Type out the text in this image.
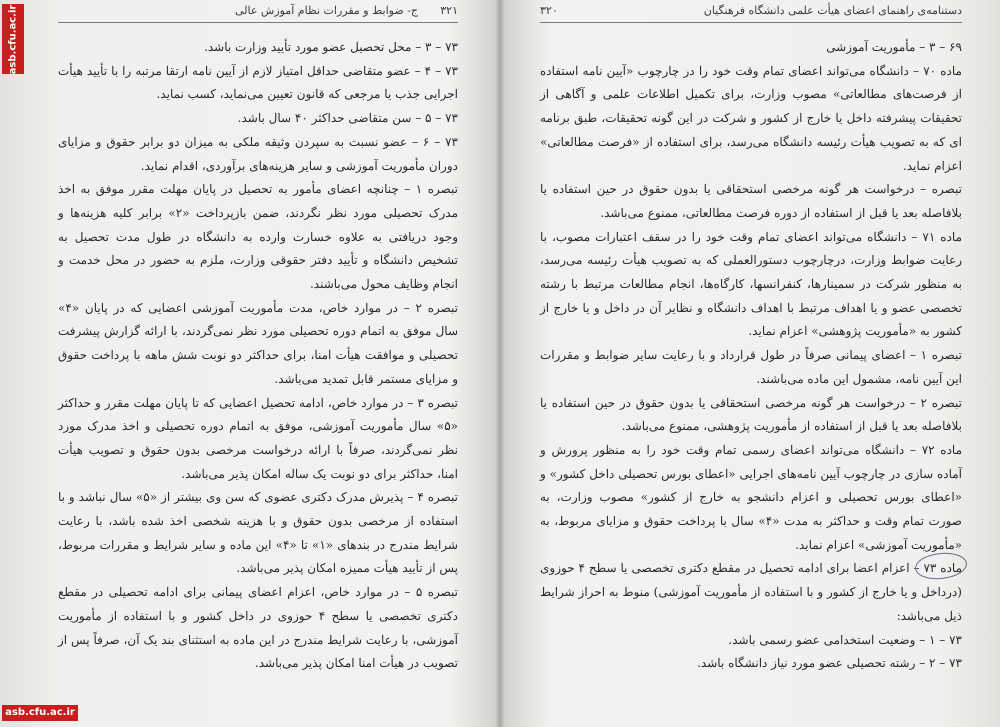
asb.cfu.ac.ir	۳۲۱
ج- ضوابط و مقررات نظام آموزش عالی

۷۳ – ۳ – محل تحصیل عضو مورد تأیید وزارت باشد.

۷۳ – ۴ – عضو متقاضی حداقل امتیاز لازم از آیین نامه ارتقا مرتبه را با تأیید هیأت اجرایی جذب یا مرجعی که قانون تعیین می‌نماید، کسب نماید.

۷۳ – ۵ – سن متقاضی حداکثر ۴۰ سال باشد.

۷۳ – ۶ – عضو نسبت به سپردن وثیقه ملکی به میزان دو برابر حقوق و مزایای دوران مأموریت آموزشی و سایر هزینه‌های برآوردی، اقدام نماید.

تبصره ۱ – چنانچه اعضای مأمور به تحصیل در پایان مهلت مقرر موفق به اخذ مدرک تحصیلی مورد نظر نگردند، ضمن بازپرداخت «۲» برابر کلیه هزینه‌ها و وجود دریافتی به علاوه خسارت وارده به دانشگاه در طول مدت تحصیل به تشخیص دانشگاه و تأیید دفتر حقوقی وزارت، ملزم به حضور در محل خدمت و انجام وظایف محول می‌باشند.

تبصره ۲ – در موارد خاص، مدت مأموریت آموزشی اعضایی که در پایان «۴» سال موفق به اتمام دوره تحصیلی مورد نظر نمی‌گردند، با ارائه گزارش پیشرفت تحصیلی و موافقت هیأت امنا، برای حداکثر دو نوبت شش ماهه با پرداخت حقوق و مزایای مستمر قابل تمدید می‌باشد.

تبصره ۳ – در موارد خاص، ادامه تحصیل اعضایی که تا پایان مهلت مقرر و حداکثر «۵» سال مأموریت آموزشی، موفق به اتمام دوره تحصیلی و اخذ مدرک مورد نظر نمی‌گردند، صرفاً با ارائه درخواست مرخصی بدون حقوق و تصویب هیأت امنا، حداکثر برای دو نوبت یک ساله امکان پذیر می‌باشد.

تبصره ۴ – پذیرش مدرک دکتری عضوی که سن وی بیشتر از «۵» سال نباشد و با استفاده از مرخصی بدون حقوق و با هزینه شخصی اخذ شده باشد، با رعایت شرایط مندرج در بندهای «۱» تا «۴» این ماده و سایر شرایط و مقررات مربوط، پس از تأیید هیأت ممیزه امکان پذیر می‌باشد.

تبصره ۵ – در موارد خاص، اعزام اعضای پیمانی برای ادامه تحصیلی در مقطع دکتری تخصصی یا سطح ۴ حوزوی در داخل کشور و با استفاده از مأموریت آموزشی، با رعایت شرایط مندرج در این ماده به استثنای بند یک آن، صرفاً پس از تصویب در هیأت امنا امکان پذیر می‌باشد.

۳۲۰	دستنامه‌ی راهنمای اعضای هیأت علمی دانشگاه فرهنگیان

۶۹ – ۳ – مأموریت آموزشی

ماده ۷۰ – دانشگاه می‌تواند اعضای تمام وقت خود را در چارچوب «آیین نامه استفاده از فرصت‌های مطالعاتی» مصوب وزارت، برای تکمیل اطلاعات علمی و آگاهی از تحقیقات پیشرفته داخل یا خارج از کشور و شرکت در این گونه تحقیقات، طبق برنامه ای که به تصویب هیأت رئیسه دانشگاه می‌رسد، برای استفاده از «فرصت مطالعاتی» اعزام نماید.

تبصره – درخواست هر گونه مرخصی استحقاقی یا بدون حقوق در حین استفاده یا بلافاصله بعد یا قبل از استفاده از دوره فرصت مطالعاتی، ممنوع می‌باشد.

ماده ۷۱ – دانشگاه می‌تواند اعضای تمام وقت خود را در سقف اعتبارات مصوب، با رعایت ضوابط وزارت، درچارچوب دستورالعملی که به تصویب هیأت رئیسه می‌رسد، به منظور شرکت در سمینارها، کنفرانسها، کارگاه‌ها، انجام مطالعات مرتبط با رشته تخصصی عضو و یا اهداف مرتبط با اهداف دانشگاه و نظایر آن در داخل و یا خارج از کشور به «مأموریت پژوهشی» اعزام نماید.

تبصره ۱ – اعضای پیمانی صرفاً در طول قرارداد و با رعایت سایر ضوابط و مقررات این آیین نامه، مشمول این ماده می‌باشند.

تبصره ۲ – درخواست هر گونه مرخصی استحقاقی یا بدون حقوق در حین استفاده یا بلافاصله بعد یا قبل از استفاده از مأموریت پژوهشی، ممنوع می‌باشد.

ماده ۷۲ – دانشگاه می‌تواند اعضای رسمی تمام وقت خود را به منظور پرورش و آماده سازی در چارچوب آیین نامه‌های اجرایی «اعطای بورس تحصیلی داخل کشور» و «اعطای بورس تحصیلی و اعزام دانشجو به خارج از کشور» مصوب وزارت، به صورت تمام وقت و حداکثر به مدت «۴» سال با پرداخت حقوق و مزایای مربوط، به «مأموریت آموزشی» اعزام نماید.

ماده ۷۳ – اعزام اعضا برای ادامه تحصیل در مقطع دکتری تخصصی یا سطح ۴ حوزوی (درداخل و یا خارج از کشور و با استفاده از مأموریت آموزشی) منوط به احراز شرایط ذیل می‌باشد:

۷۳ – ۱ – وضعیت استخدامی عضو رسمی باشد.

۷۳ – ۲ – رشته تحصیلی عضو مورد نیاز دانشگاه باشد.

asb.cfu.ac.ir
